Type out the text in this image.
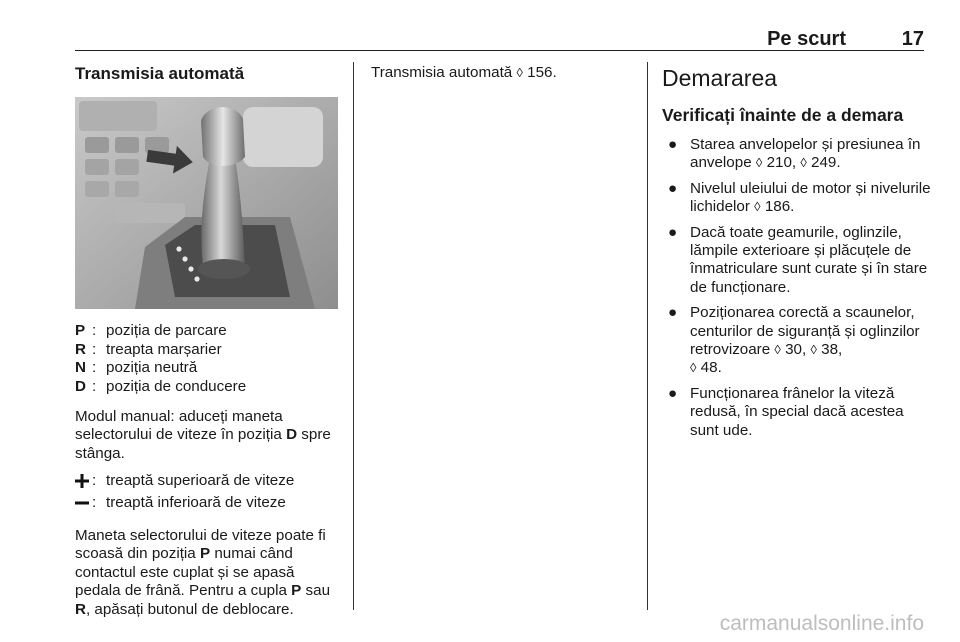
Pe scurt	17
Transmisia automată
P	:	poziția de parcare
R	:	treapta marșarier
N	:	poziția neutră
D	:	poziția de conducere

Modul manual: aduceți maneta selectorului de viteze în poziția D spre stânga.

	:	treaptă superioară de viteze
	:	treaptă inferioară de viteze

Maneta selectorului de viteze poate fi scoasă din poziția P numai când contactul este cuplat și se apasă pedala de frână. Pentru a cupla P sau
R, apăsați butonul de deblocare.

Transmisia automată ◊ 156.	Demararea
Verificați înainte de a demara
● Starea anvelopelor și presiunea în anvelope ◊ 210, ◊ 249.
● Nivelul uleiului de motor și nivelurile lichidelor ◊ 186.
● Dacă toate geamurile, oglinzile, lămpile exterioare și plăcuțele de înmatriculare sunt curate și în stare de funcționare.
● Poziționarea corectă a scaunelor, centurilor de siguranță și oglinzilor retrovizoare ◊ 30, ◊ 38,
◊ 48.
● Funcționarea frânelor la viteză redusă, în special dacă acestea sunt ude.
carmanualsonline.info
